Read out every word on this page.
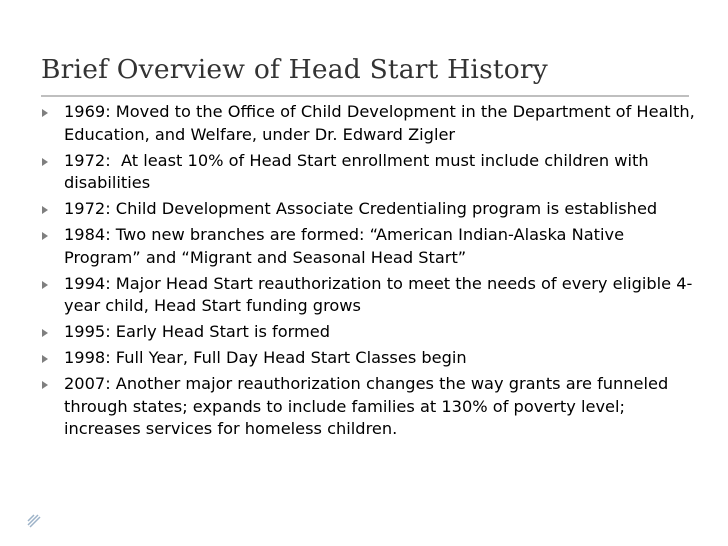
Brief Overview of Head Start History
1969: Moved to the Office of Child Development in the Department of Health, Education, and Welfare, under Dr. Edward Zigler
1972:  At least 10% of Head Start enrollment must include children with disabilities
1972: Child Development Associate Credentialing program is established
1984: Two new branches are formed: “American Indian-Alaska Native Program” and “Migrant and Seasonal Head Start”
1994: Major Head Start reauthorization to meet the needs of every eligible 4-year child, Head Start funding grows
1995: Early Head Start is formed
1998: Full Year, Full Day Head Start Classes begin
2007: Another major reauthorization changes the way grants are funneled through states; expands to include families at 130% of poverty level; increases services for homeless children.
